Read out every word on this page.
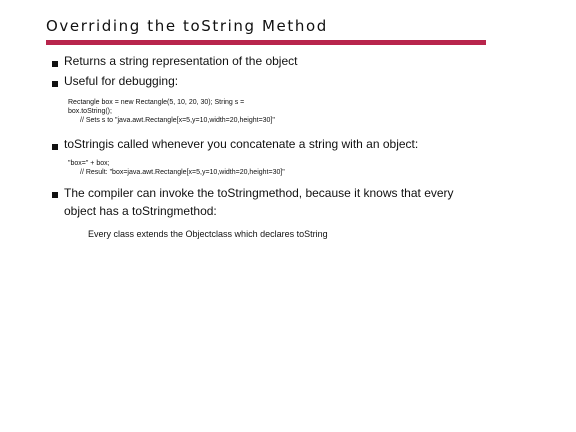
Overriding the toString Method
Returns a string representation of the object
Useful for debugging:
Rectangle box = new Rectangle(5, 10, 20, 30); String s =
box.toString();
// Sets s to "java.awt.Rectangle[x=5,y=10,width=20,height=30]"
toStringis called whenever you concatenate a string with an object:
"box=" + box;
// Result: "box=java.awt.Rectangle[x=5,y=10,width=20,height=30]"
The compiler can invoke the toStringmethod, because it knows that every
object has a toStringmethod:
Every class extends the Objectclass which declares toString
